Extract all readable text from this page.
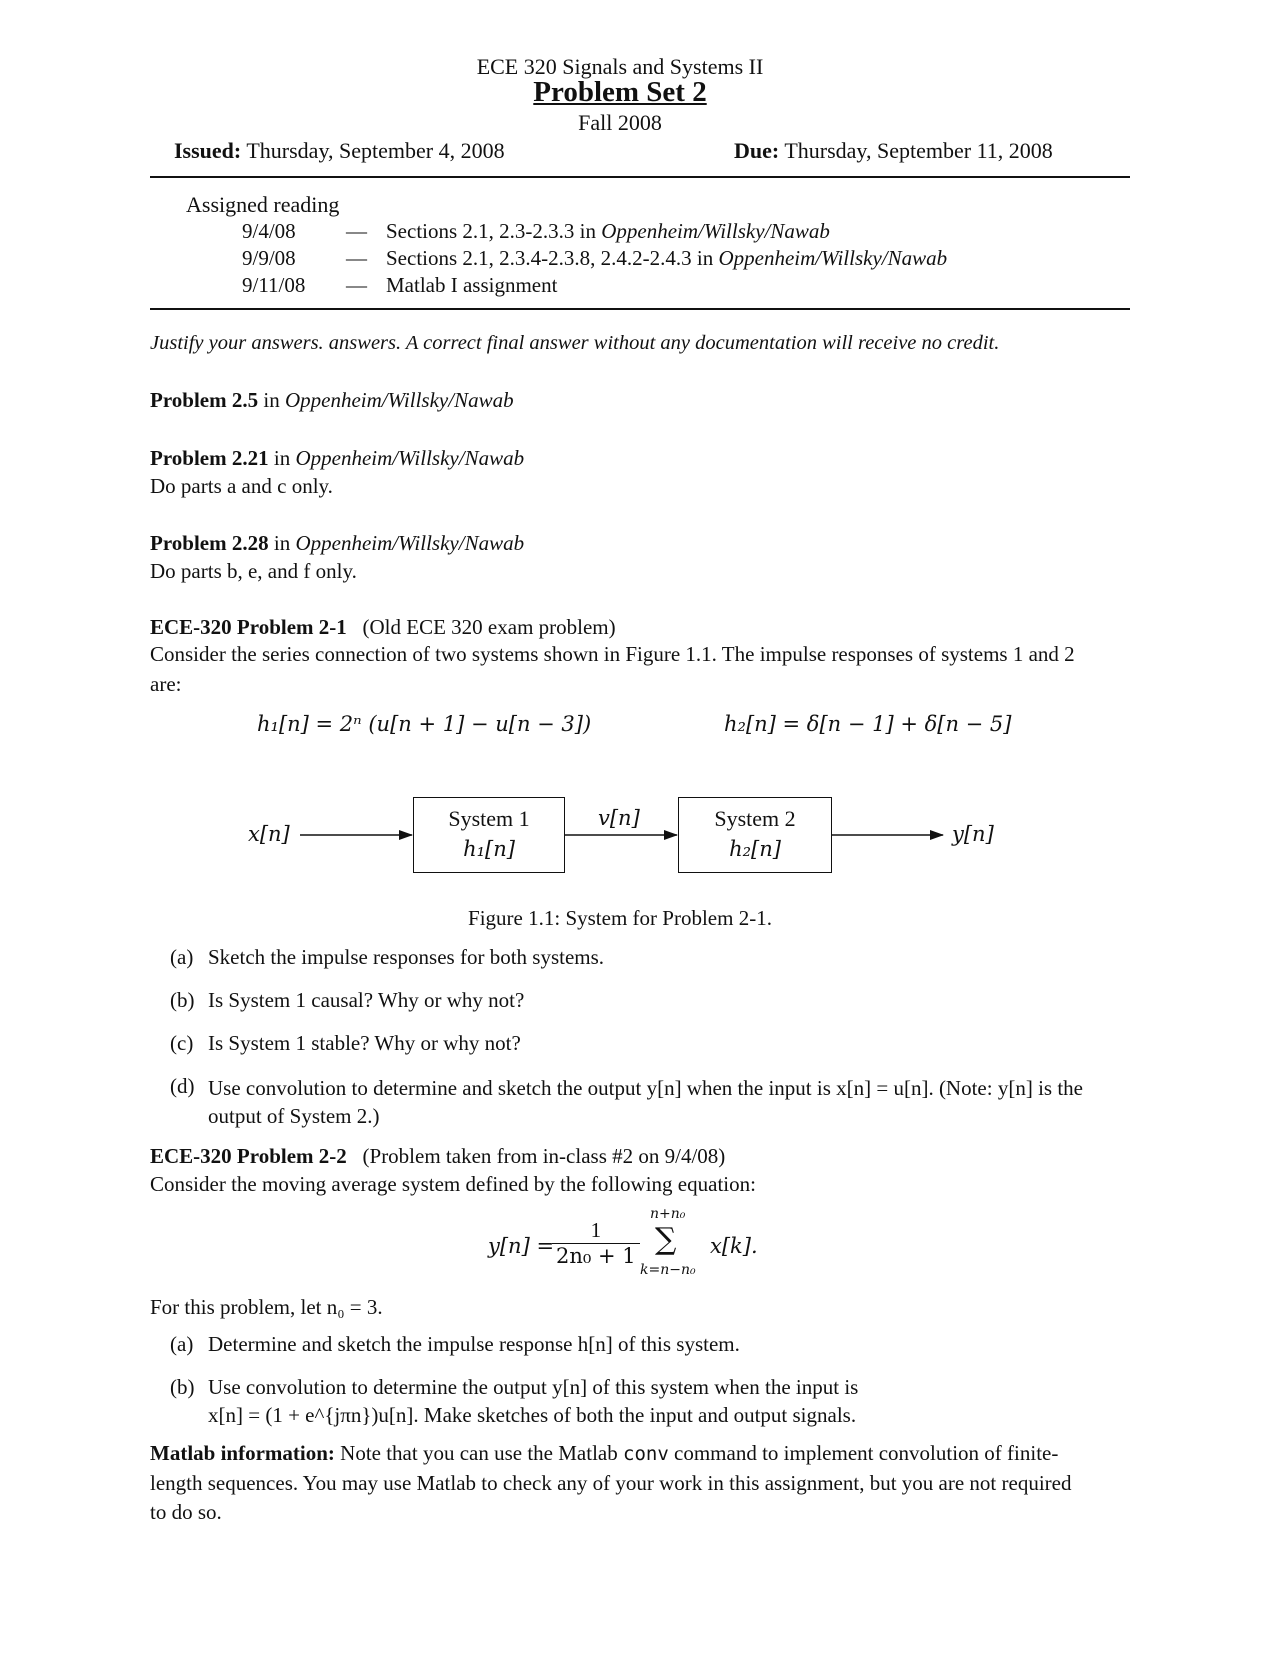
ECE 320 Signals and Systems II
Problem Set 2
Fall 2008
Issued: Thursday, September 4, 2008	Due: Thursday, September 11, 2008
Assigned reading
9/4/08 — Sections 2.1, 2.3-2.3.3 in Oppenheim/Willsky/Nawab
9/9/08 — Sections 2.1, 2.3.4-2.3.8, 2.4.2-2.4.3 in Oppenheim/Willsky/Nawab
9/11/08 — Matlab I assignment
Justify your answers. answers. A correct final answer without any documentation will receive no credit.
Problem 2.5 in Oppenheim/Willsky/Nawab
Problem 2.21 in Oppenheim/Willsky/Nawab
Do parts a and c only.
Problem 2.28 in Oppenheim/Willsky/Nawab
Do parts b, e, and f only.
ECE-320 Problem 2-1 (Old ECE 320 exam problem)
Consider the series connection of two systems shown in Figure 1.1. The impulse responses of systems 1 and 2 are:
h₁[n] = 2ⁿ (u[n + 1] − u[n − 3])	h₂[n] = δ[n − 1] + δ[n − 5]
x[n]
System 1
h₁[n]
v[n]	System 2
h₂[n]
y[n]
Figure 1.1: System for Problem 2-1.
(a) Sketch the impulse responses for both systems.
(b) Is System 1 causal? Why or why not?
(c) Is System 1 stable? Why or why not?
(d) Use convolution to determine and sketch the output y[n] when the input is x[n] = u[n]. (Note: y[n] is the output of System 2.)
ECE-320 Problem 2-2 (Problem taken from in-class #2 on 9/4/08)
Consider the moving average system defined by the following equation:
y[n] =
$\frac{1}{\text{2n₀ + 1}}$
n+n₀
∑
k=n−n₀
x[k].
For this problem, let n₀ = 3.
(a) Determine and sketch the impulse response h[n] of this system.
(b) Use convolution to determine the output y[n] of this system when the input is
x[n] = (1 + e^{jπn})u[n]. Make sketches of both the input and output signals.
Matlab information: Note that you can use the Matlab conv command to implement convolution of finite-length sequences. You may use Matlab to check any of your work in this assignment, but you are not required to do so.
